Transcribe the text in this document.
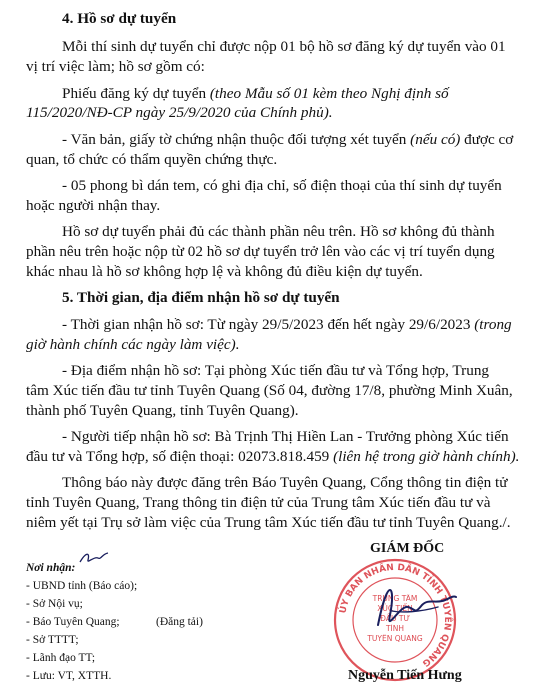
4. Hồ sơ dự tuyển
Mỗi thí sinh dự tuyển chỉ được nộp 01 bộ hồ sơ đăng ký dự tuyển vào 01
vị trí việc làm; hồ sơ gồm có:
Phiếu đăng ký dự tuyển (theo Mẫu số 01 kèm theo Nghị định số
115/2020/NĐ-CP ngày 25/9/2020 của Chính phủ).
- Văn bản, giấy tờ chứng nhận thuộc đối tượng xét tuyển (nếu có) được cơ
quan, tổ chức có thẩm quyền chứng thực.
- 05 phong bì dán tem, có ghi địa chỉ, số điện thoại của thí sinh dự tuyển
hoặc người nhận thay.
Hồ sơ dự tuyển phải đủ các thành phần nêu trên. Hồ sơ không đủ thành
phần nêu trên hoặc nộp từ 02 hồ sơ dự tuyển trở lên vào các vị trí tuyển dụng
khác nhau là hồ sơ không hợp lệ và không đủ điều kiện dự tuyển.
5. Thời gian, địa điểm nhận hồ sơ dự tuyển
- Thời gian nhận hồ sơ: Từ ngày 29/5/2023 đến hết ngày 29/6/2023 (trong
giờ hành chính các ngày làm việc).
- Địa điểm nhận hồ sơ: Tại phòng Xúc tiến đầu tư và Tổng hợp, Trung
tâm Xúc tiến đầu tư tỉnh Tuyên Quang (Số 04, đường 17/8, phường Minh Xuân,
thành phố Tuyên Quang, tỉnh Tuyên Quang).
- Người tiếp nhận hồ sơ: Bà Trịnh Thị Hiền Lan - Trưởng phòng Xúc tiến
đầu tư và Tổng hợp, số điện thoại: 02073.818.459 (liên hệ trong giờ hành chính).
Thông báo này được đăng trên Báo Tuyên Quang, Cổng thông tin điện tử
tỉnh Tuyên Quang, Trang thông tin điện tử của Trung tâm Xúc tiến đầu tư và
niêm yết tại Trụ sở làm việc của Trung tâm Xúc tiến đầu tư tỉnh Tuyên Quang./.
Nơi nhận:
- UBND tỉnh (Báo cáo);
- Sở Nội vụ;
- Báo Tuyên Quang;	(Đăng tải)
- Sở TTTT;
- Lãnh đạo TT;
- Lưu: VT, XTTH.
GIÁM ĐỐC
ỦY BAN NHÂN DÂN TỈNH TUYÊN QUANG
TRUNG TÂM
XÚC TIẾN
ĐẦU TƯ
TỈNH
TUYÊN QUANG
Nguyễn Tiến Hưng
